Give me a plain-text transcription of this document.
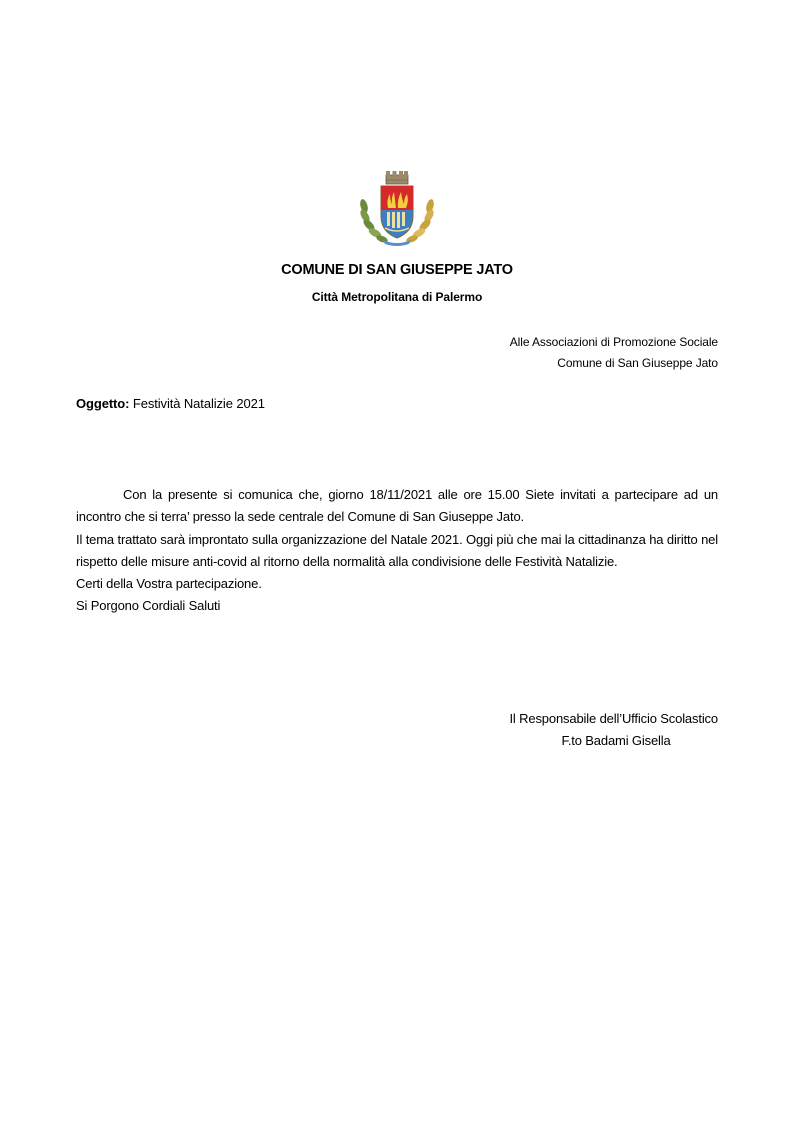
COMUNE DI SAN GIUSEPPE JATO
Città Metropolitana di Palermo
Alle Associazioni di Promozione Sociale
Comune di San Giuseppe Jato
Oggetto: Festività Natalizie 2021

Con la presente si comunica che, giorno 18/11/2021 alle ore 15.00 Siete invitati a partecipare ad un incontro che si terra’ presso la sede centrale del Comune di San Giuseppe Jato.

Il tema trattato sarà improntato sulla organizzazione del Natale 2021. Oggi più che mai la cittadinanza ha diritto nel rispetto delle misure anti-covid al ritorno della normalità alla condivisione delle Festività Natalizie.

Certi della Vostra partecipazione.

Si Porgono Cordiali Saluti

Il Responsabile dell’Ufficio Scolastico
F.to Badami Gisella
